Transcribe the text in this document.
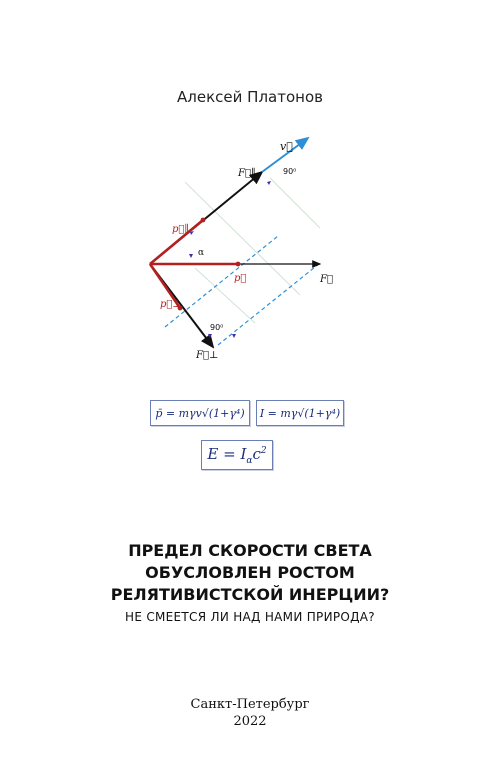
Алексей Платонов
v⃗
F⃗∥	90⁰
p⃗∥
α
p⃗	F⃗
p⃗⊥
90⁰
F⃗⊥
p̄ = mγv√(1+γ⁴) I = mγ√(1+γ⁴)
$E = I_\alpha c^2$
ПРЕДЕЛ СКОРОСТИ СВЕТА
ОБУСЛОВЛЕН РОСТОМ
РЕЛЯТИВИСТСКОЙ ИНЕРЦИИ?
НЕ СМЕЕТСЯ ЛИ НАД НАМИ ПРИРОДА?
Санкт-Петербург
2022
